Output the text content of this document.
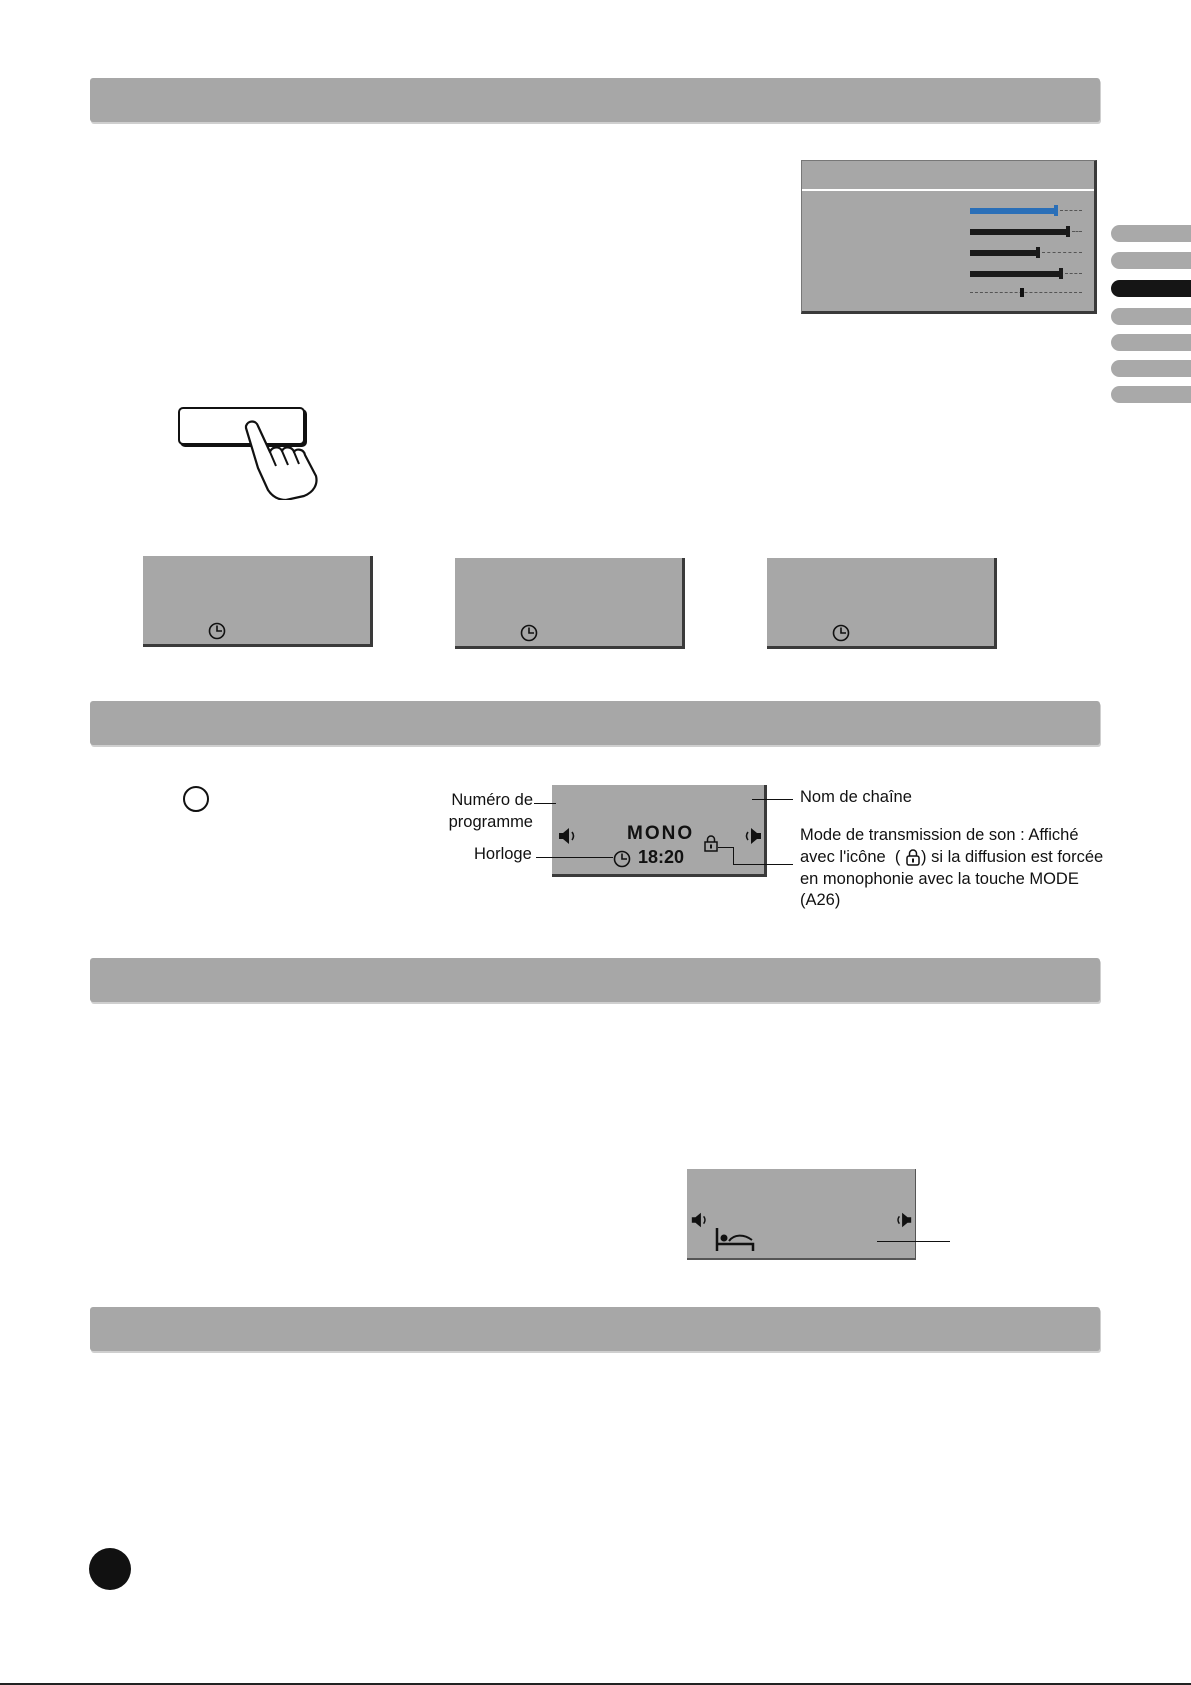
MONO
18:20
Numéro de
programme
Horloge
Nom de chaîne
Mode de transmission de son : Affiché
avec l'icône  ( ) si la diffusion est forcée
en monophonie avec la touche MODE
(A26)
